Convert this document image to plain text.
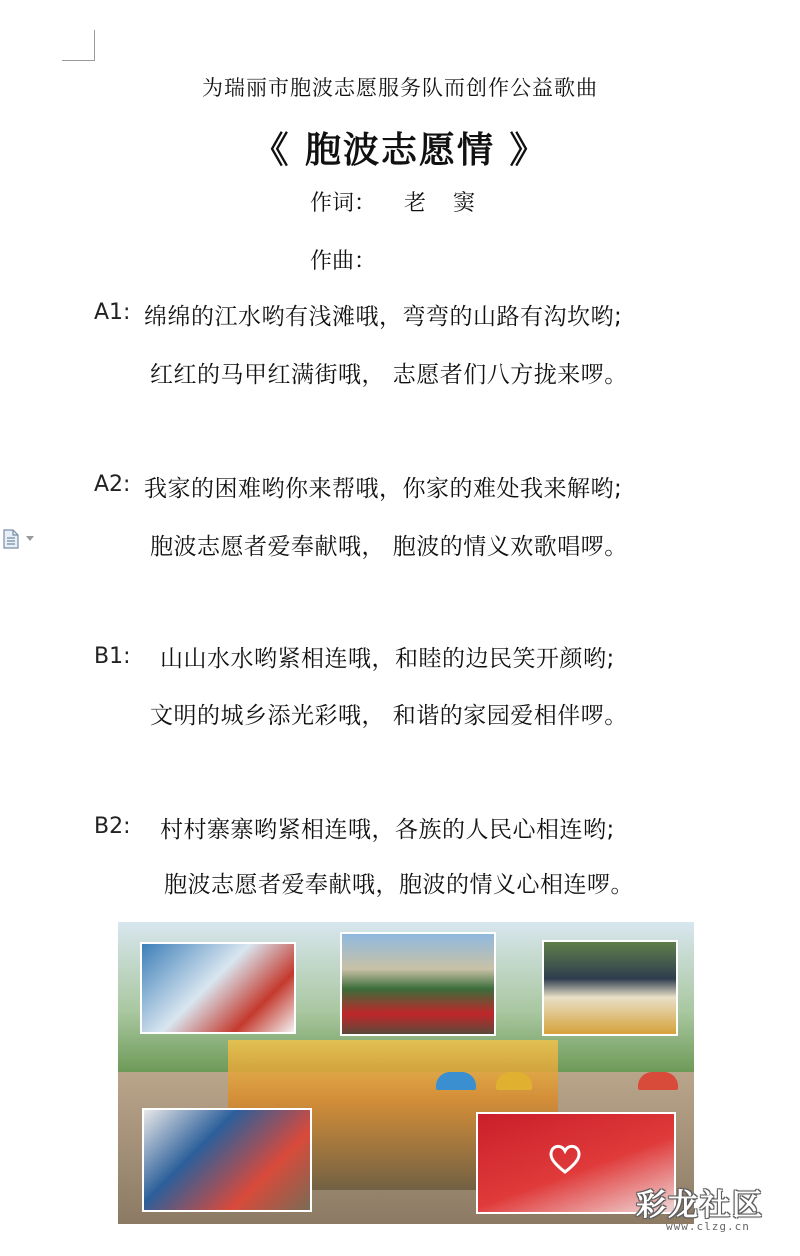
为瑞丽市胞波志愿服务队而创作公益歌曲
《 胞波志愿情 》
作词： 老 窦
作曲：
A1: 绵绵的江水哟有浅滩哦，弯弯的山路有沟坎哟;
红红的马甲红满街哦， 志愿者们八方拢来啰。
A2: 我家的困难哟你来帮哦，你家的难处我来解哟;
胞波志愿者爱奉献哦， 胞波的情义欢歌唱啰。
B1: 山山水水哟紧相连哦，和睦的边民笑开颜哟;
文明的城乡添光彩哦， 和谐的家园爱相伴啰。
B2: 村村寨寨哟紧相连哦，各族的人民心相连哟;
胞波志愿者爱奉献哦，胞波的情义心相连啰。
彩龙社区
www.clzg.cn
